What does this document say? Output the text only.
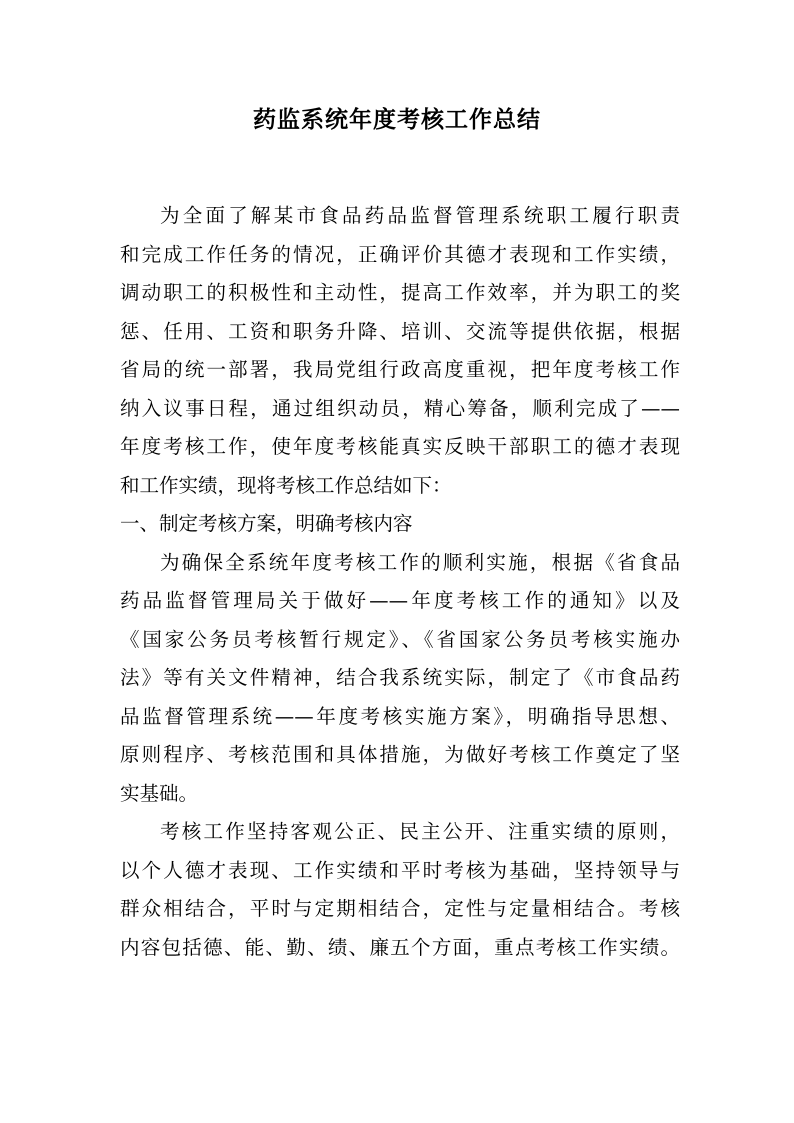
药监系统年度考核工作总结
为全面了解某市食品药品监督管理系统职工履行职责
和完成工作任务的情况，正确评价其德才表现和工作实绩，
调动职工的积极性和主动性，提高工作效率，并为职工的奖
惩、任用、工资和职务升降、培训、交流等提供依据，根据
省局的统一部署，我局党组行政高度重视，把年度考核工作
纳入议事日程，通过组织动员，精心筹备，顺利完成了——
年度考核工作，使年度考核能真实反映干部职工的德才表现
和工作实绩，现将考核工作总结如下：
一、制定考核方案，明确考核内容
为确保全系统年度考核工作的顺利实施，根据《省食品
药品监督管理局关于做好——年度考核工作的通知》以及
《国家公务员考核暂行规定》、《省国家公务员考核实施办
法》等有关文件精神，结合我系统实际，制定了《市食品药
品监督管理系统——年度考核实施方案》，明确指导思想、
原则程序、考核范围和具体措施，为做好考核工作奠定了坚
实基础。
考核工作坚持客观公正、民主公开、注重实绩的原则，
以个人德才表现、工作实绩和平时考核为基础，坚持领导与
群众相结合，平时与定期相结合，定性与定量相结合。考核
内容包括德、能、勤、绩、廉五个方面，重点考核工作实绩。
